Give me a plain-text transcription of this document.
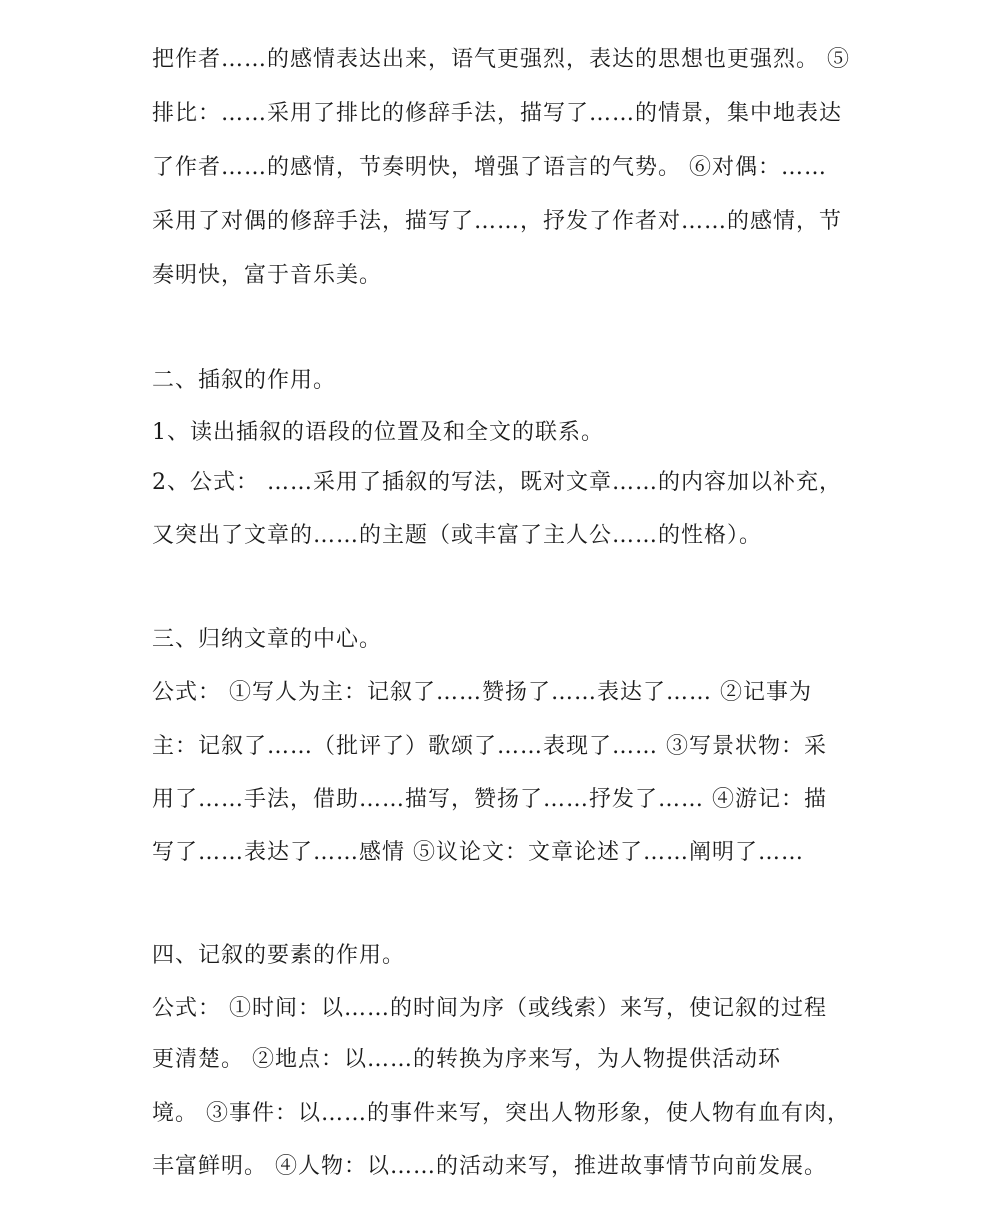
把作者……的感情表达出来，语气更强烈，表达的思想也更强烈。 ⑤
排比：……采用了排比的修辞手法，描写了……的情景，集中地表达
了作者……的感情，节奏明快，增强了语言的气势。 ⑥对偶：……
采用了对偶的修辞手法，描写了……，抒发了作者对……的感情，节
奏明快，富于音乐美。
二、插叙的作用。
1、读出插叙的语段的位置及和全文的联系。
2、公式： ……采用了插叙的写法，既对文章……的内容加以补充，
又突出了文章的……的主题（或丰富了主人公……的性格）。
三、归纳文章的中心。
公式： ①写人为主：记叙了……赞扬了……表达了…… ②记事为
主：记叙了……（批评了）歌颂了……表现了…… ③写景状物：采
用了……手法，借助……描写，赞扬了……抒发了…… ④游记：描
写了……表达了……感情 ⑤议论文：文章论述了……阐明了……
四、记叙的要素的作用。
公式： ①时间：以……的时间为序（或线索）来写，使记叙的过程
更清楚。 ②地点：以……的转换为序来写，为人物提供活动环
境。 ③事件：以……的事件来写，突出人物形象，使人物有血有肉，
丰富鲜明。 ④人物：以……的活动来写，推进故事情节向前发展。
